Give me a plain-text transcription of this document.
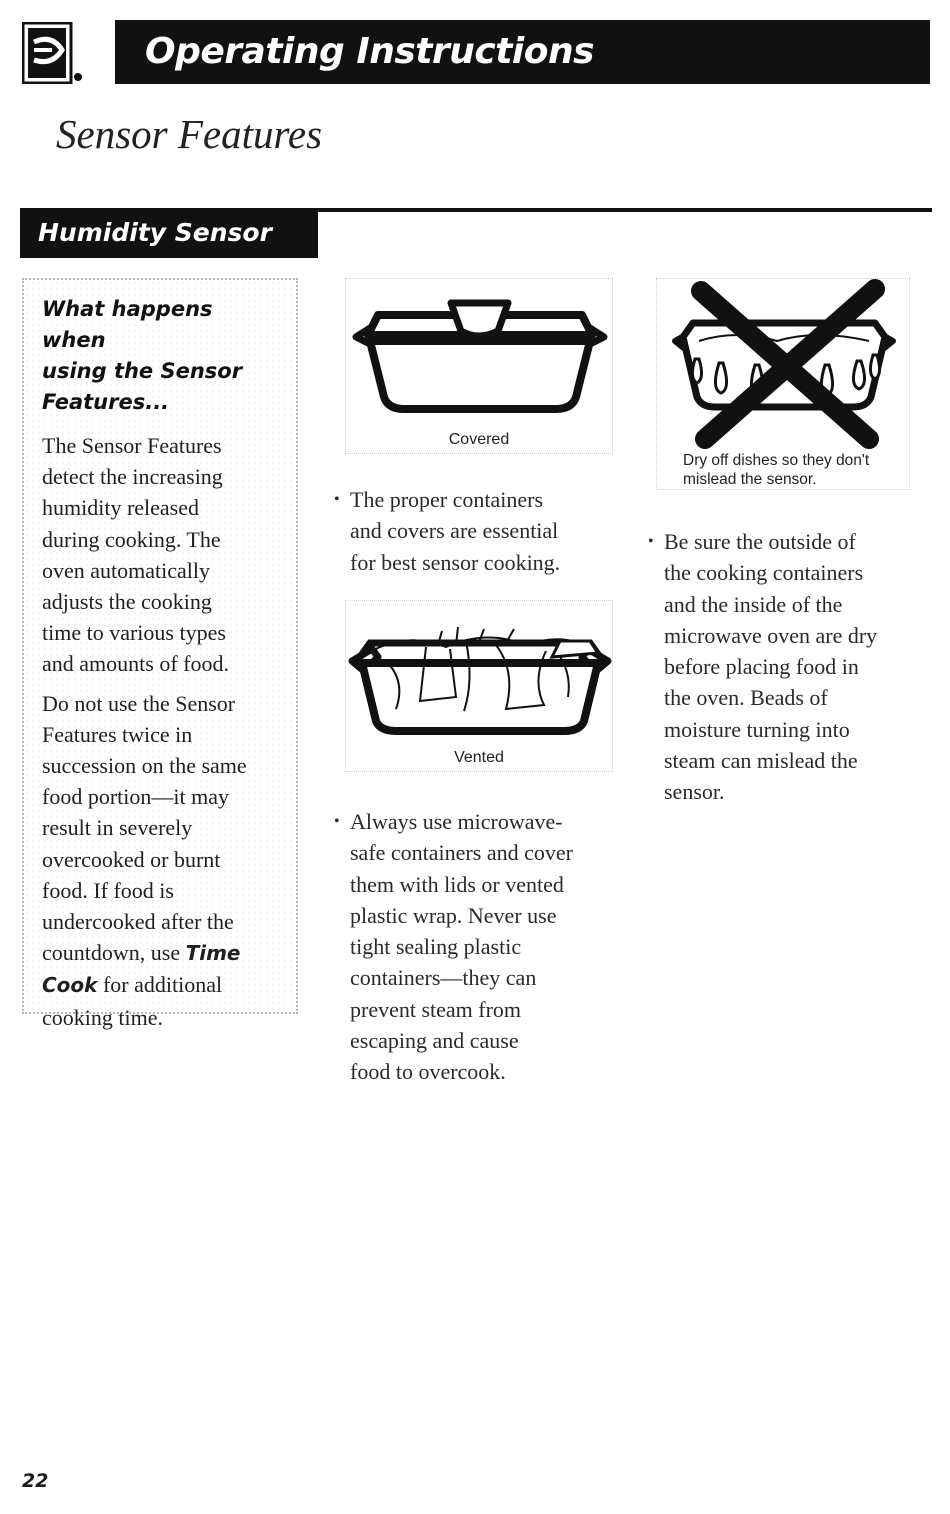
Operating Instructions
Sensor Features
Humidity Sensor
What happens when
using the Sensor
Features...

The Sensor Features
detect the increasing
humidity released
during cooking. The
oven automatically
adjusts the cooking
time to various types
and amounts of food.

Do not use the Sensor
Features twice in
succession on the same
food portion—it may
result in severely
overcooked or burnt
food. If food is
undercooked after the
countdown, use Time
Cook for additional
cooking time.

Covered
• The proper containers
and covers are essential
for best sensor cooking.
Vented
• Always use microwave-
safe containers and cover
them with lids or vented
plastic wrap. Never use
tight sealing plastic
containers—they can
prevent steam from
escaping and cause
food to overcook.
Dry off dishes so they don't
mislead the sensor.
• Be sure the outside of
the cooking containers
and the inside of the
microwave oven are dry
before placing food in
the oven. Beads of
moisture turning into
steam can mislead the
sensor.
22
